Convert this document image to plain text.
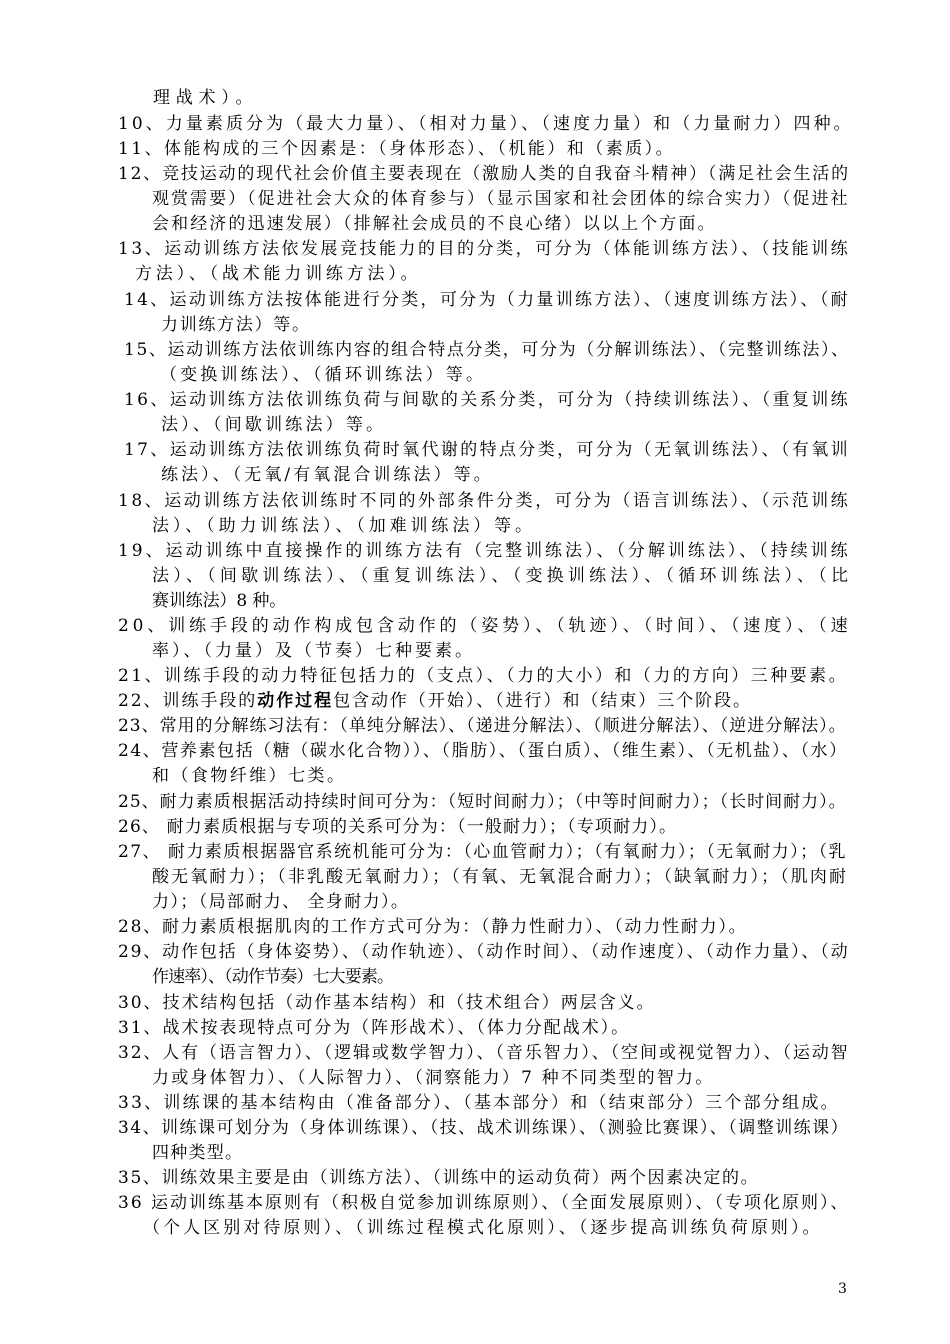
理战术）。
10、力量素质分为（最大力量）、（相对力量）、（速度力量）和（力量耐力）四种。
11、体能构成的三个因素是：（身体形态）、（机能）和（素质）。
12、竞技运动的现代社会价值主要表现在（激励人类的自我奋斗精神）（满足社会生活的
观赏需要）（促进社会大众的体育参与）（显示国家和社会团体的综合实力）（促进社
会和经济的迅速发展）（排解社会成员的不良心绪）以以上个方面。
13、运动训练方法依发展竞技能力的目的分类，可分为（体能训练方法）、（技能训练
方法）、（战术能力训练方法）。
14、运动训练方法按体能进行分类，可分为（力量训练方法）、（速度训练方法）、（耐
力训练方法）等。
15、运动训练方法依训练内容的组合特点分类，可分为（分解训练法）、（完整训练法）、
（变换训练法）、（循环训练法）等。
16、运动训练方法依训练负荷与间歇的关系分类，可分为（持续训练法）、（重复训练
法）、（间歇训练法）等。
17、运动训练方法依训练负荷时氧代谢的特点分类，可分为（无氧训练法）、（有氧训
练法）、（无氧/有氧混合训练法）等。
18、运动训练方法依训练时不同的外部条件分类，可分为（语言训练法）、（示范训练
法）、（助力训练法）、（加难训练法）等。
19、运动训练中直接操作的训练方法有（完整训练法）、（分解训练法）、（持续训练
法）、（间歇训练法）、（重复训练法）、（变换训练法）、（循环训练法）、（比
赛训练法）8 种。
20、训练手段的动作构成包含动作的（姿势）、（轨迹）、（时间）、（速度）、（速
率）、（力量）及（节奏）七种要素。
21、训练手段的动力特征包括力的（支点）、（力的大小）和（力的方向）三种要素。
22、训练手段的动作过程包含动作（开始）、（进行）和（结束）三个阶段。
23、常用的分解练习法有：（单纯分解法）、（递进分解法）、（顺进分解法）、（逆进分解法）。
24、营养素包括（糖（碳水化合物））、（脂肪）、（蛋白质）、（维生素）、（无机盐）、（水）
和（食物纤维）七类。
25、耐力素质根据活动持续时间可分为：（短时间耐力）；（中等时间耐力）；（长时间耐力）。
26、 耐力素质根据与专项的关系可分为：（一般耐力）；（专项耐力）。
27、 耐力素质根据器官系统机能可分为：（心血管耐力）；（有氧耐力）；（无氧耐力）；（乳
酸无氧耐力）；（非乳酸无氧耐力）；（有氧、无氧混合耐力）；（缺氧耐力）；（肌肉耐
力）；（局部耐力、 全身耐力）。
28、耐力素质根据肌肉的工作方式可分为：（静力性耐力）、（动力性耐力）。
29、动作包括（身体姿势）、（动作轨迹）、（动作时间）、（动作速度）、（动作力量）、（动
作速率）、（动作节奏）七大要素。
30、技术结构包括（动作基本结构）和（技术组合）两层含义。
31、战术按表现特点可分为（阵形战术）、（体力分配战术）。
32、人有（语言智力）、（逻辑或数学智力）、（音乐智力）、（空间或视觉智力）、（运动智
力或身体智力）、（人际智力）、（洞察能力）7 种不同类型的智力。
33、训练课的基本结构由（准备部分）、（基本部分）和（结束部分）三个部分组成。
34、训练课可划分为（身体训练课）、（技、战术训练课）、（测验比赛课）、（调整训练课）
四种类型。
35、训练效果主要是由（训练方法）、（训练中的运动负荷）两个因素决定的。
36 运动训练基本原则有（积极自觉参加训练原则）、（全面发展原则）、（专项化原则）、
（个人区别对待原则）、（训练过程模式化原则）、（逐步提高训练负荷原则）。
3
